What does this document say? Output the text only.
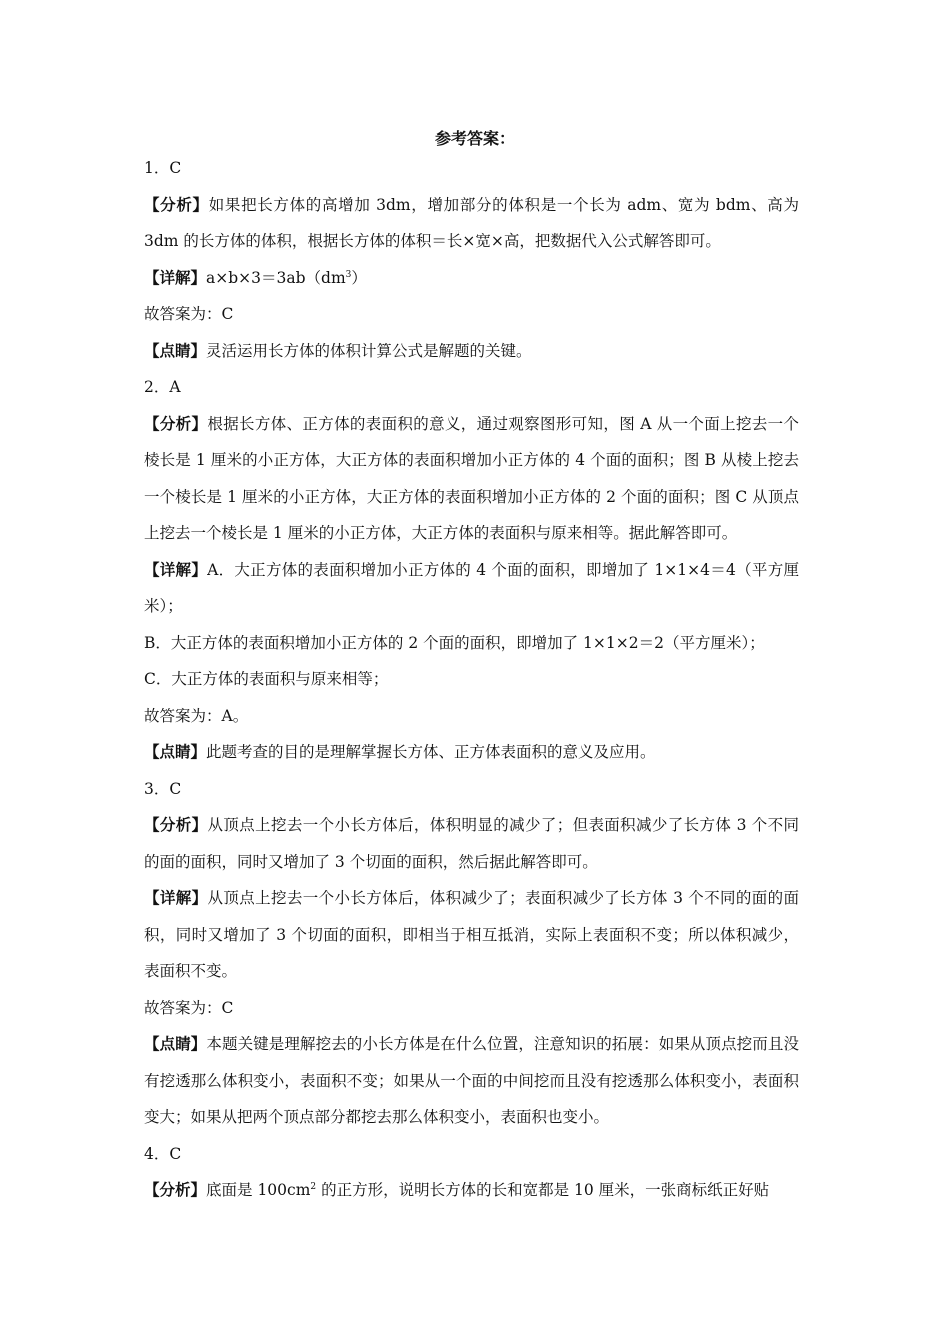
参考答案：

1．C

【分析】如果把长方体的高增加 3dm，增加部分的体积是一个长为 adm、宽为 bdm、高为 3dm 的长方体的体积，根据长方体的体积＝长×宽×高，把数据代入公式解答即可。

【详解】$a\times b\times 3=3ab(dm^3)$

故答案为：C

【点睛】灵活运用长方体的体积计算公式是解题的关键。

2．A

【分析】根据长方体、正方体的表面积的意义，通过观察图形可知，图 A 从一个面上挖去一个棱长是 1 厘米的小正方体，大正方体的表面积增加小正方体的 4 个面的面积；图 B 从棱上挖去一个棱长是 1 厘米的小正方体，大正方体的表面积增加小正方体的 2 个面的面积；图 C 从顶点上挖去一个棱长是 1 厘米的小正方体，大正方体的表面积与原来相等。据此解答即可。

【详解】A．大正方体的表面积增加小正方体的 4 个面的面积，即增加了 1×1×4＝4（平方厘米）；

B．大正方体的表面积增加小正方体的 2 个面的面积，即增加了 1×1×2＝2（平方厘米）；

C．大正方体的表面积与原来相等；

故答案为：A。

【点睛】此题考查的目的是理解掌握长方体、正方体表面积的意义及应用。

3．C

【分析】从顶点上挖去一个小长方体后，体积明显的减少了；但表面积减少了长方体 3 个不同的面的面积，同时又增加了 3 个切面的面积，然后据此解答即可。

【详解】从顶点上挖去一个小长方体后，体积减少了；表面积减少了长方体 3 个不同的面的面积，同时又增加了 3 个切面的面积，即相当于相互抵消，实际上表面积不变；所以体积减少，表面积不变。

故答案为：C

【点睛】本题关键是理解挖去的小长方体是在什么位置，注意知识的拓展：如果从顶点挖而且没有挖透那么体积变小，表面积不变；如果从一个面的中间挖而且没有挖透那么体积变小，表面积变大；如果从把两个顶点部分都挖去那么体积变小，表面积也变小。

4．C

【分析】底面是 $100cm^2$ 的正方形，说明长方体的长和宽都是 10 厘米，一张商标纸正好贴
